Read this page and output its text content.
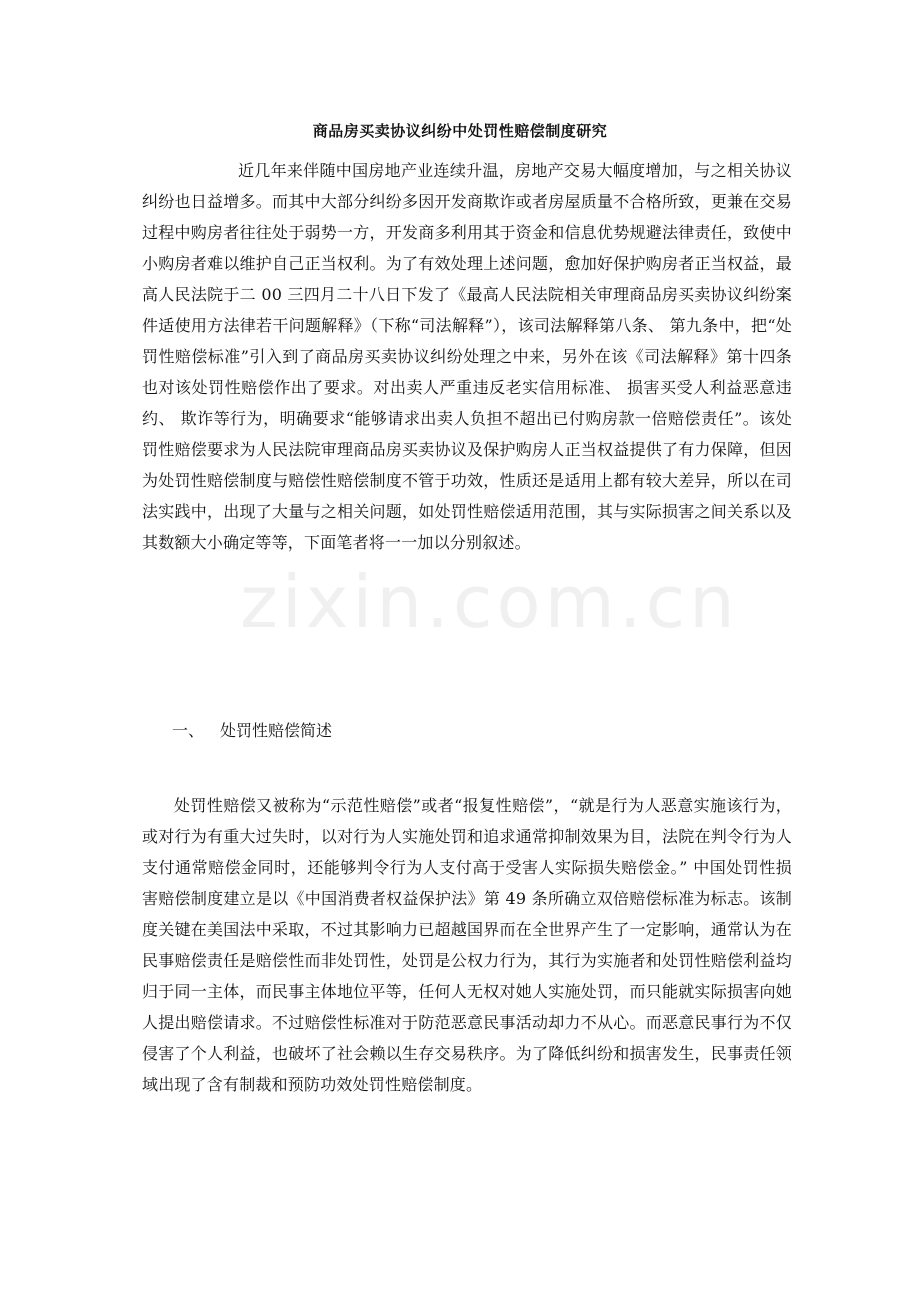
商品房买卖协议纠纷中处罚性赔偿制度研究

近几年来伴随中国房地产业连续升温，房地产交易大幅度增加，与之相关协议纠纷也日益增多。而其中大部分纠纷多因开发商欺诈或者房屋质量不合格所致，更兼在交易过程中购房者往往处于弱势一方，开发商多利用其于资金和信息优势规避法律责任，致使中小购房者难以维护自己正当权利。为了有效处理上述问题，愈加好保护购房者正当权益，最高人民法院于二 00 三四月二十八日下发了《最高人民法院相关审理商品房买卖协议纠纷案件适使用方法律若干问题解释》（下称“司法解释”），该司法解释第八条、 第九条中，把“处罚性赔偿标准”引入到了商品房买卖协议纠纷处理之中来，另外在该《司法解释》第十四条也对该处罚性赔偿作出了要求。对出卖人严重违反老实信用标准、 损害买受人利益恶意违约、 欺诈等行为，明确要求“能够请求出卖人负担不超出已付购房款一倍赔偿责任”。该处罚性赔偿要求为人民法院审理商品房买卖协议及保护购房人正当权益提供了有力保障，但因为处罚性赔偿制度与赔偿性赔偿制度不管于功效，性质还是适用上都有较大差异，所以在司法实践中，出现了大量与之相关问题，如处罚性赔偿适用范围，其与实际损害之间关系以及其数额大小确定等等，下面笔者将一一加以分别叙述。

一、 处罚性赔偿简述

处罚性赔偿又被称为“示范性赔偿”或者“报复性赔偿”，“就是行为人恶意实施该行为，或对行为有重大过失时，以对行为人实施处罚和追求通常抑制效果为目，法院在判令行为人支付通常赔偿金同时，还能够判令行为人支付高于受害人实际损失赔偿金。” 中国处罚性损害赔偿制度建立是以《中国消费者权益保护法》第 49 条所确立双倍赔偿标准为标志。该制度关键在美国法中采取，不过其影响力已超越国界而在全世界产生了一定影响，通常认为在民事赔偿责任是赔偿性而非处罚性，处罚是公权力行为，其行为实施者和处罚性赔偿利益均归于同一主体，而民事主体地位平等，任何人无权对她人实施处罚，而只能就实际损害向她人提出赔偿请求。不过赔偿性标准对于防范恶意民事活动却力不从心。而恶意民事行为不仅侵害了个人利益，也破坏了社会赖以生存交易秩序。为了降低纠纷和损害发生，民事责任领域出现了含有制裁和预防功效处罚性赔偿制度。

zixin.com.cn
